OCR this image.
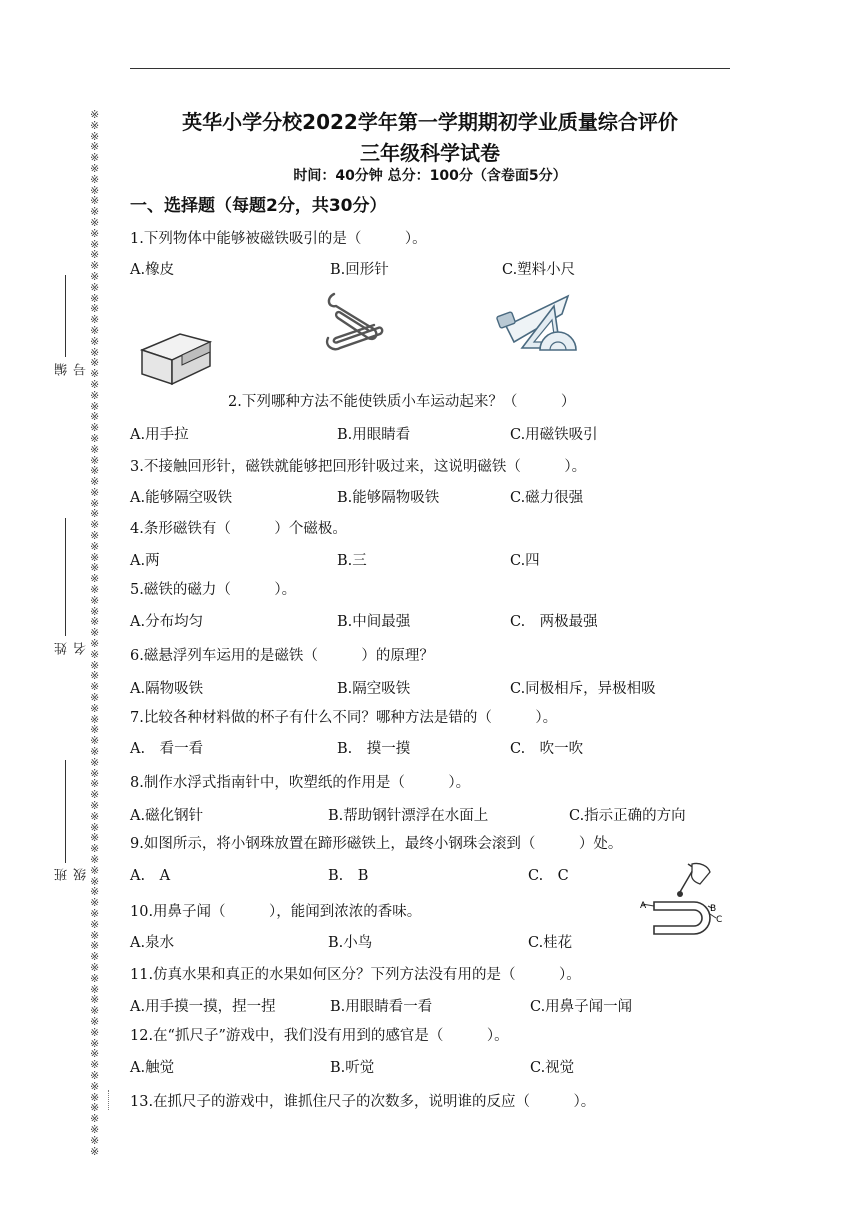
※※※※※※※※※※※※※※※※※※※※※※※※※※※※※※※※※※※※※※※※※※※※※※※※※※※※※※※※※※※※※※※※※※※※※※※※※※※※※※※※※※※※※※※※※※※※※※※※※
编号
姓名
班级
英华小学分校2022学年第一学期期初学业质量综合评价
三年级科学试卷
时间：40分钟 总分：100分（含卷面5分）
一、选择题（每题2分，共30分）
1.下列物体中能够被磁铁吸引的是（　　　）。
A.橡皮	B.回形针	C.塑料小尺
2.下列哪种方法不能使铁质小车运动起来？（　　　）
A.用手拉	B.用眼睛看	C.用磁铁吸引
3.不接触回形针，磁铁就能够把回形针吸过来，这说明磁铁（　　　）。
A.能够隔空吸铁	B.能够隔物吸铁	C.磁力很强
4.条形磁铁有（　　　）个磁极。
A.两	B.三	C.四
5.磁铁的磁力（　　　）。
A.分布均匀	B.中间最强	C.　两极最强
6.磁悬浮列车运用的是磁铁（　　　）的原理？
A.隔物吸铁	B.隔空吸铁	C.同极相斥，异极相吸
7.比较各种材料做的杯子有什么不同？哪种方法是错的（　　　）。
A.　看一看	B.　摸一摸	C.　吹一吹
8.制作水浮式指南针中，吹塑纸的作用是（　　　）。
A.磁化钢针	B.帮助钢针漂浮在水面上	C.指示正确的方向
9.如图所示，将小钢珠放置在蹄形磁铁上，最终小钢珠会滚到（　　　）处。
A.　A	B.　B	C.　C
A	B
C
10.用鼻子闻（　　　），能闻到浓浓的香味。
A.泉水	B.小鸟	C.桂花
11.仿真水果和真正的水果如何区分？下列方法没有用的是（　　　）。
A.用手摸一摸，捏一捏	B.用眼睛看一看	C.用鼻子闻一闻
12.在“抓尺子”游戏中，我们没有用到的感官是（　　　）。
A.触觉	B.听觉	C.视觉
13.在抓尺子的游戏中，谁抓住尺子的次数多，说明谁的反应（　　　）。
